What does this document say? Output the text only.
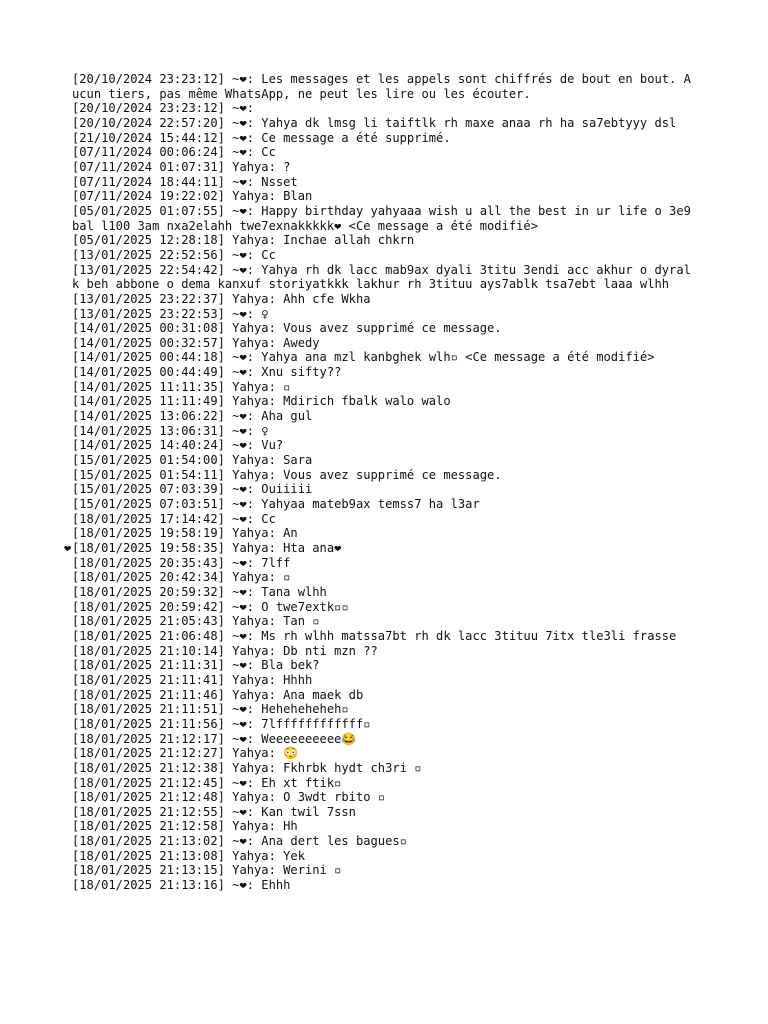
[20/10/2024 23:23:12] ~❤: Les messages et les appels sont chiffrés de bout en bout. Aucun tiers, pas même WhatsApp, ne peut les lire ou les écouter.
[20/10/2024 23:23:12] ~❤:
[20/10/2024 22:57:20] ~❤: Yahya dk lmsg li taiftlk rh maxe anaa rh ha sa7ebtyyy dsl
[21/10/2024 15:44:12] ~❤: Ce message a été supprimé.
[07/11/2024 00:06:24] ~❤: Cc
[07/11/2024 01:07:31] Yahya: ?
[07/11/2024 18:44:11] ~❤: Nsset
[07/11/2024 19:22:02] Yahya: Blan
[05/01/2025 01:07:55] ~❤: Happy birthday yahyaaa wish u all the best in ur life o 3e9bal l100 3am nxa2elahh twe7exnakkkkk❤ <Ce message a été modifié>
[05/01/2025 12:28:18] Yahya: Inchae allah chkrn
[13/01/2025 22:52:56] ~❤: Cc
[13/01/2025 22:54:42] ~❤: Yahya rh dk lacc mab9ax dyali 3titu 3endi acc akhur o dyralk beh abbone o dema kanxuf storiyatkkk lakhur rh 3tituu ays7ablk tsa7ebt laaa wlhh
[13/01/2025 23:22:37] Yahya: Ahh cfe Wkha
[13/01/2025 23:22:53] ~❤: ♀
[14/01/2025 00:31:08] Yahya: Vous avez supprimé ce message.
[14/01/2025 00:32:57] Yahya: Awedy
[14/01/2025 00:44:18] ~❤: Yahya ana mzl kanbghek wlh▫ <Ce message a été modifié>
[14/01/2025 00:44:49] ~❤: Xnu sifty??
[14/01/2025 11:11:35] Yahya: ▫
[14/01/2025 11:11:49] Yahya: Mdirich fbalk walo walo
[14/01/2025 13:06:22] ~❤: Aha gul
[14/01/2025 13:06:31] ~❤: ♀
[14/01/2025 14:40:24] ~❤: Vu?
[15/01/2025 01:54:00] Yahya: Sara
[15/01/2025 01:54:11] Yahya: Vous avez supprimé ce message.
[15/01/2025 07:03:39] ~❤: Ouiiiii
[15/01/2025 07:03:51] ~❤: Yahyaa mateb9ax temss7 ha l3ar
[18/01/2025 17:14:42] ~❤: Cc
[18/01/2025 19:58:19] Yahya: An
❤ [18/01/2025 19:58:35] Yahya: Hta ana❤
[18/01/2025 20:35:43] ~❤: 7lff
[18/01/2025 20:42:34] Yahya: ▫
[18/01/2025 20:59:32] ~❤: Tana wlhh
[18/01/2025 20:59:42] ~❤: O twe7extk▫▫
[18/01/2025 21:05:43] Yahya: Tan ▫
[18/01/2025 21:06:48] ~❤: Ms rh wlhh matssa7bt rh dk lacc 3tituu 7itx tle3li frasse
[18/01/2025 21:10:14] Yahya: Db nti mzn ??
[18/01/2025 21:11:31] ~❤: Bla bek?
[18/01/2025 21:11:41] Yahya: Hhhh
[18/01/2025 21:11:46] Yahya: Ana maek db
[18/01/2025 21:11:51] ~❤: Heheheheheh▫
[18/01/2025 21:11:56] ~❤: 7lffffffffffff▫
[18/01/2025 21:12:17] ~❤: Weeeeeeeeee😂
[18/01/2025 21:12:27] Yahya: 😳
[18/01/2025 21:12:38] Yahya: Fkhrbk hydt ch3ri ▫
[18/01/2025 21:12:45] ~❤: Eh xt ftik▫
[18/01/2025 21:12:48] Yahya: O 3wdt rbito ▫
[18/01/2025 21:12:55] ~❤: Kan twil 7ssn
[18/01/2025 21:12:58] Yahya: Hh
[18/01/2025 21:13:02] ~❤: Ana dert les bagues▫
[18/01/2025 21:13:08] Yahya: Yek
[18/01/2025 21:13:15] Yahya: Werini ▫
[18/01/2025 21:13:16] ~❤: Ehhh
